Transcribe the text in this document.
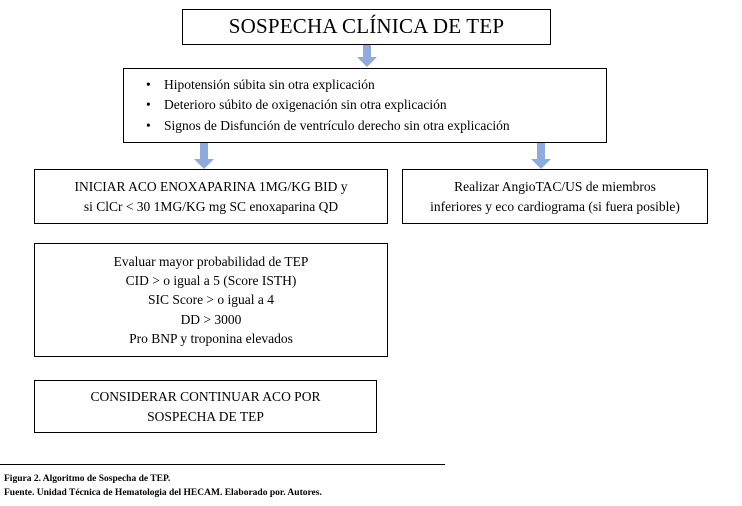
SOSPECHA CLÍNICA DE TEP
• Hipotensión súbita sin otra explicación
• Deterioro súbito de oxigenación sin otra explicación
• Signos de Disfunción de ventrículo derecho sin otra explicación
INICIAR ACO ENOXAPARINA 1MG/KG BID y
si ClCr < 30 1MG/KG mg SC enoxaparina QD
Realizar AngioTAC/US de miembros
inferiores y eco cardiograma (si fuera posible)
Evaluar mayor probabilidad de TEP
CID > o igual a 5 (Score ISTH)
SIC Score > o igual a 4
DD > 3000
Pro BNP y troponina elevados
CONSIDERAR CONTINUAR ACO POR
SOSPECHA DE TEP
Figura 2. Algoritmo de Sospecha de TEP.
Fuente. Unidad Técnica de Hematologia del HECAM. Elaborado por. Autores.
